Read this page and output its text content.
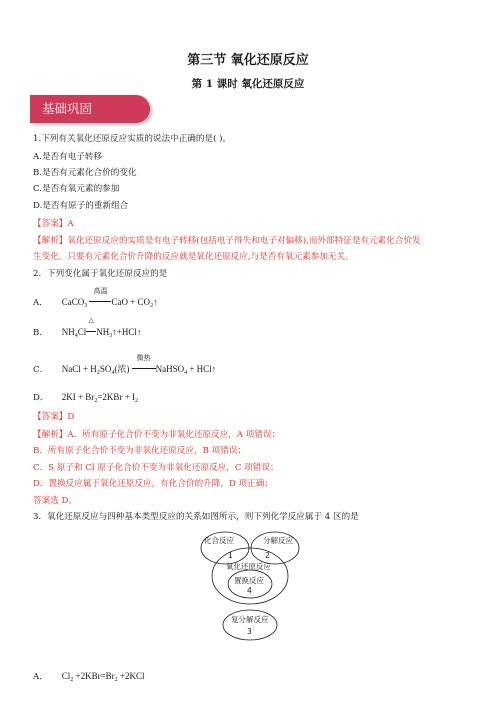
第三节 氧化还原反应
第 1 课时 氧化还原反应
基础巩固
1.下列有关氧化还原反应实质的说法中正确的是( )。
A.是否有电子转移
B.是否有元素化合价的变化
C.是否有氧元素的参加
D.是否有原子的重新组合
【答案】A
【解析】氧化还原反应的实质是有电子转移(包括电子得失和电子对偏移),而外部特征是有元素化合价发
生变化。只要有元素化合价升降的反应就是氧化还原反应,与是否有氧元素参加无关。
2．下列变化属于氧化还原反应的是
A． CaCO$_3$
高温
CaO + $CO_2↑$
B． $NH_4Cl$
△
$NH_3↑+HCl↑$
C． NaCl + $H_2SO_4$(浓)
微热
NaHSO$_4$ + HCl↑
D． $2KI + Br_2=2KBr + I_2$
【答案】D
【解析】A．所有原子化合价不变为非氧化还原反应，A 项错误；
B．所有原子化合价不变为非氧化还原反应，B 项错误；
C．S 原子和 Cl 原子化合价不变为非氧化还原反应，C 项错误；
D．置换反应属于氧化还原反应，有化合价的升降，D 项正确；
答案选 D。
3．氧化还原反应与四种基本类型反应的关系如图所示，则下列化学反应属于 4 区的是
化合反应
1
分解反应
2
氧化还原反应
置换反应
4
复分解反应
3
A． $Cl_2 +2KBr=Br_2 +2KCl$
